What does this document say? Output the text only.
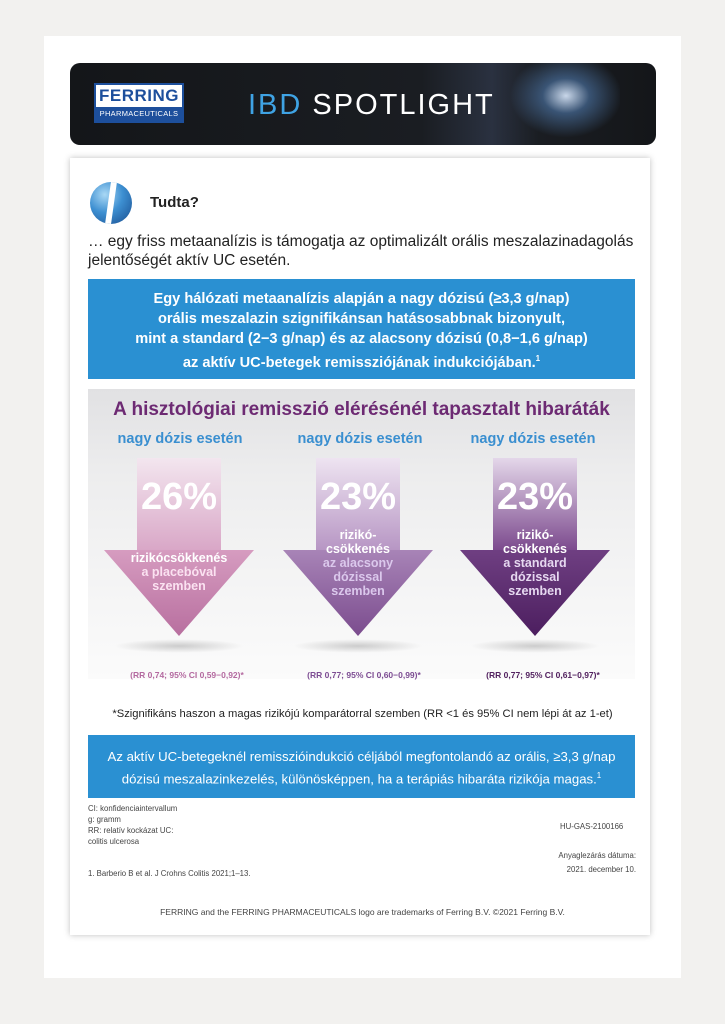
FERRING
PHARMACEUTICALS IBD SPOTLIGHT
Tudta?
… egy friss metaanalízis is támogatja az optimalizált orális meszalazinadagolás jelentőségét aktív UC esetén.
Egy hálózati metaanalízis alapján a nagy dózisú (≥3,3 g/nap)
orális meszalazin szignifikánsan hatásosabbnak bizonyult,
mint a standard (2−3 g/nap) és az alacsony dózisú (0,8−1,6 g/nap)
az aktív UC-betegek remissziójának indukciójában.$^1$
A hisztológiai remisszió elérésénél tapasztalt hibaráták
nagy dózis esetén	nagy dózis esetén	nagy dózis esetén
26%
rizikócsökkenés
a placebóval
szemben
23%
rizikó-
csökkenés
az alacsony
dózissal
szemben
23%
rizikó-
csökkenés
a standard
dózissal
szemben
(RR 0,74; 95% CI 0,59−0,92)*	(RR 0,77; 95% CI 0,60−0,99)*	(RR 0,77; 95% CI 0,61−0,97)*
*Szignifikáns haszon a magas rizikójú komparátorral szemben (RR <1 és 95% CI nem lépi át az 1-et)
Az aktív UC-betegeknél remisszióindukció céljából megfontolandó az orális, ≥3,3 g/nap
dózisú meszalazinkezelés, különösképpen, ha a terápiás hibaráta rizikója magas.$^1$
CI: konfidenciaintervallum
g: gramm
RR: relatív kockázat UC:
colitis ulcerosa
HU-GAS-2100166
Anyaglezárás dátuma:
2021. december 10.
1. Barberio B et al. J Crohns Colitis 2021;1–13.
FERRING and the FERRING PHARMACEUTICALS logo are trademarks of Ferring B.V. ©2021 Ferring B.V.
